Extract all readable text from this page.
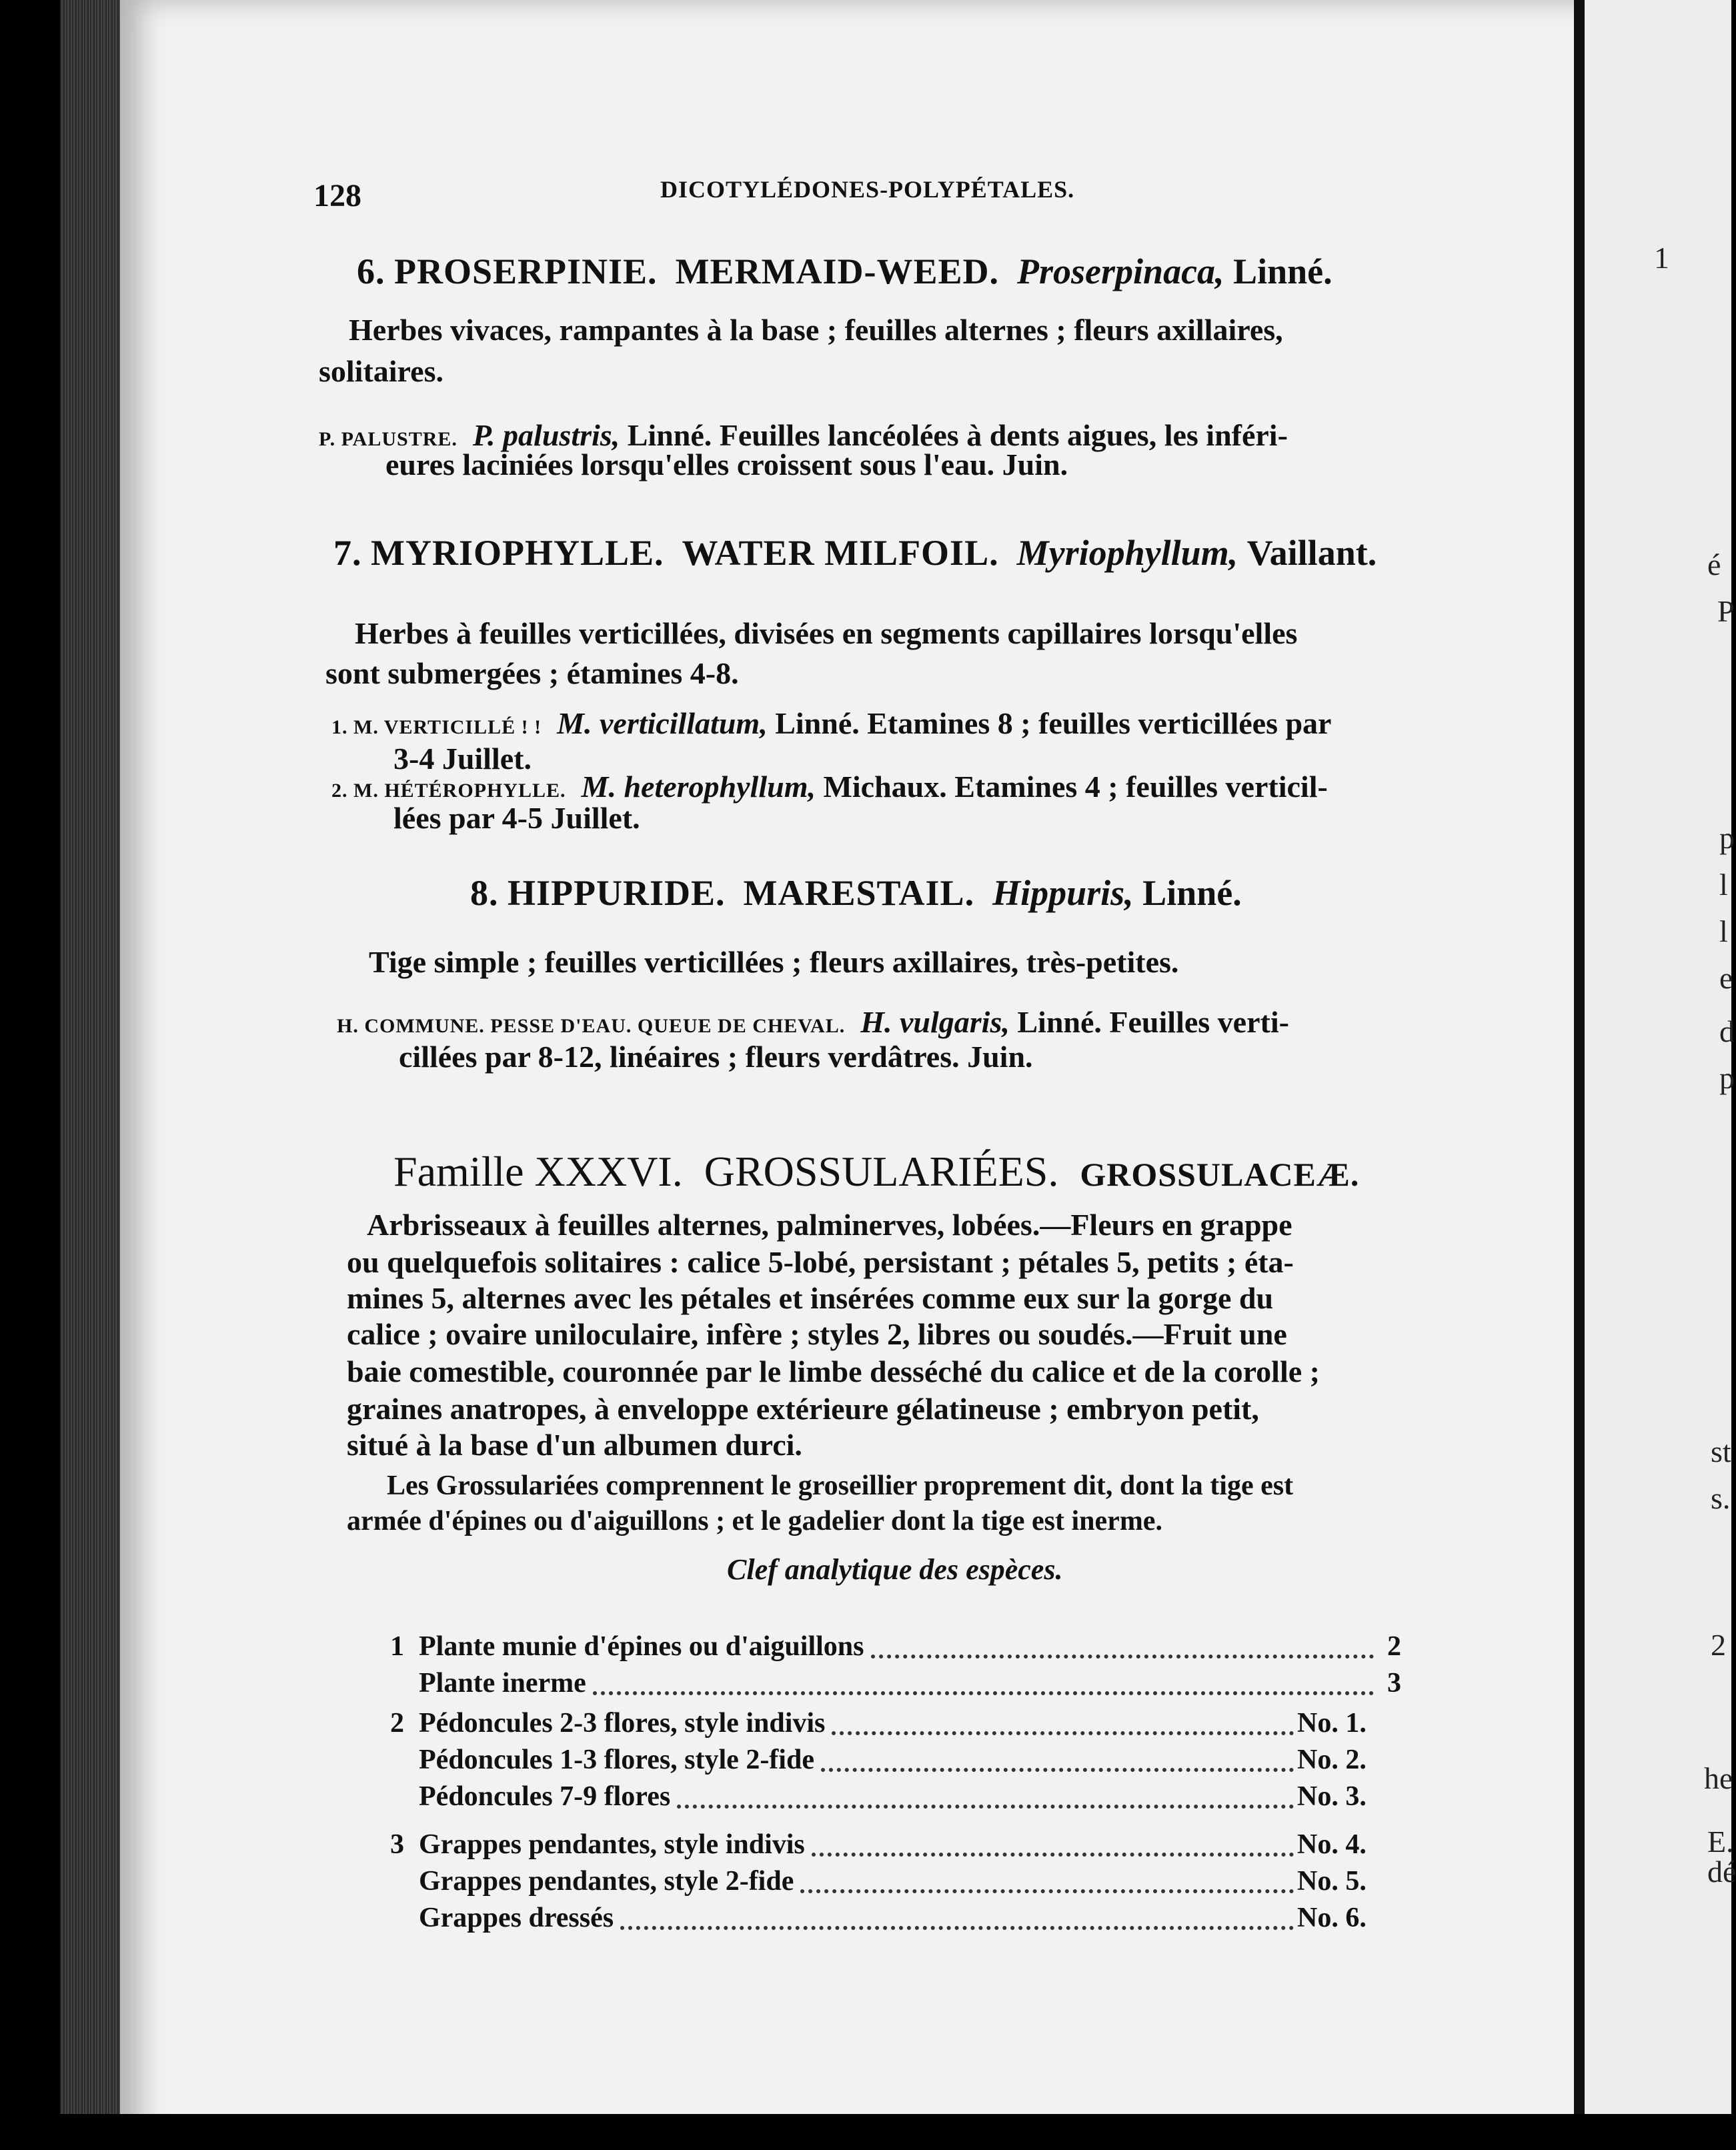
128	DICOTYLÉDONES-POLYPÉTALES.
6. PROSERPINIE. MERMAID-WEED. Proserpinaca, Linné.
Herbes vivaces, rampantes à la base ; feuilles alternes ; fleurs axillaires,
solitaires.
P. PALUSTRE. P. palustris, Linné. Feuilles lancéolées à dents aigues, les inféri-
eures laciniées lorsqu'elles croissent sous l'eau. Juin.
7. MYRIOPHYLLE. WATER MILFOIL. Myriophyllum, Vaillant.
Herbes à feuilles verticillées, divisées en segments capillaires lorsqu'elles
sont submergées ; étamines 4-8.
1. M. VERTICILLÉ ! ! M. verticillatum, Linné. Etamines 8 ; feuilles verticillées par
3-4 Juillet.
2. M. HÉTÉROPHYLLE. M. heterophyllum, Michaux. Etamines 4 ; feuilles verticil-
lées par 4-5 Juillet.
8. HIPPURIDE. MARESTAIL. Hippuris, Linné.
Tige simple ; feuilles verticillées ; fleurs axillaires, très-petites.
H. COMMUNE. PESSE D'EAU. QUEUE DE CHEVAL. H. vulgaris, Linné. Feuilles verti-
cillées par 8-12, linéaires ; fleurs verdâtres. Juin.
Famille XXXVI. GROSSULARIÉES. GROSSULACEÆ.
Arbrisseaux à feuilles alternes, palminerves, lobées.—Fleurs en grappe
ou quelquefois solitaires : calice 5-lobé, persistant ; pétales 5, petits ; éta-
mines 5, alternes avec les pétales et insérées comme eux sur la gorge du
calice ; ovaire uniloculaire, infère ; styles 2, libres ou soudés.—Fruit une
baie comestible, couronnée par le limbe desséché du calice et de la corolle ;
graines anatropes, à enveloppe extérieure gélatineuse ; embryon petit,
situé à la base d'un albumen durci.
Les Grossulariées comprennent le groseillier proprement dit, dont la tige est
armée d'épines ou d'aiguillons ; et le gadelier dont la tige est inerme.
Clef analytique des espèces.
1 Plante munie d'épines ou d'aiguillons	2
Plante inerme	3
2 Pédoncules 2-3 flores, style indivis	No. 1.
Pédoncules 1-3 flores, style 2-fide	No. 2.
Pédoncules 7-9 flores	No. 3.
3 Grappes pendantes, style indivis	No. 4.
Grappes pendantes, style 2-fide	No. 5.
Grappes dressés	No. 6.
1
é
P
p
l
l
e
d
p
st
s.
2
he
E.
dé
